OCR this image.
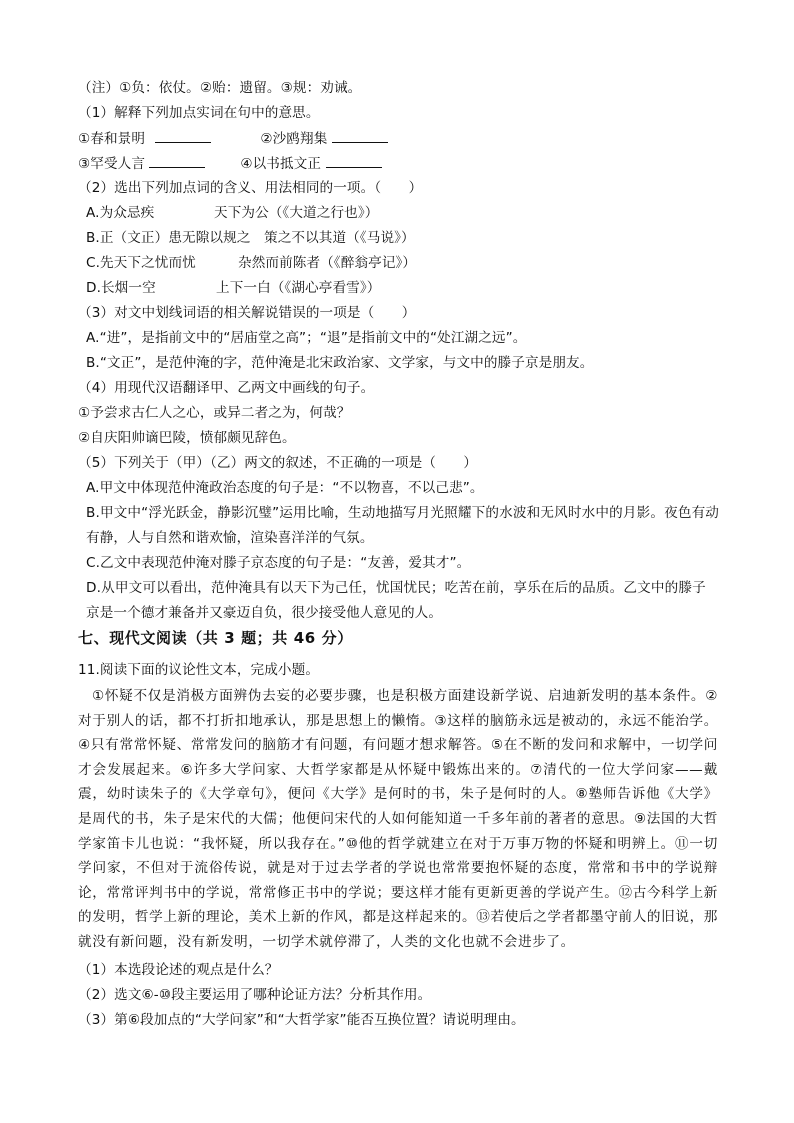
（注）①负：依仗。②贻：遗留。③规：劝诫。
（1）解释下列加点实词在句中的意思。
①春和景明	②沙鸥翔集
③罕受人言	④以书抵文正
（2）选出下列加点词的含义、用法相同的一项。（　　）
A.为众忌疾	天下为公（《大道之行也》）
B.正（文正）患无隙以规之 策之不以其道（《马说》）
C.先天下之忧而忧	杂然而前陈者（《醉翁亭记》）
D.长烟一空	上下一白（《湖心亭看雪》）
（3）对文中划线词语的相关解说错误的一项是（　　）
A.“进”，是指前文中的“居庙堂之高”；“退”是指前文中的“处江湖之远”。
B.“文正”，是范仲淹的字，范仲淹是北宋政治家、文学家，与文中的滕子京是朋友。
（4）用现代汉语翻译甲、乙两文中画线的句子。
①予尝求古仁人之心，或异二者之为，何哉？
②自庆阳帅谪巴陵，愤郁颇见辞色。
（5）下列关于（甲）（乙）两文的叙述，不正确的一项是（　　）
A.甲文中体现范仲淹政治态度的句子是：“不以物喜，不以己悲”。
B.甲文中“浮光跃金，静影沉璧”运用比喻，生动地描写月光照耀下的水波和无风时水中的月影。夜色有动
有静，人与自然和谐欢愉，渲染喜洋洋的气氛。
C.乙文中表现范仲淹对滕子京态度的句子是：“友善，爱其才”。
D.从甲文可以看出，范仲淹具有以天下为己任，忧国忧民；吃苦在前，享乐在后的品质。乙文中的滕子
京是一个德才兼备并又豪迈自负，很少接受他人意见的人。
七、现代文阅读（共 3 题；共 46 分）
11.阅读下面的议论性文本，完成小题。
①怀疑不仅是消极方面辨伪去妄的必要步骤，也是积极方面建设新学说、启迪新发明的基本条件。②对于别人的话，都不打折扣地承认，那是思想上的懒惰。③这样的脑筋永远是被动的，永远不能治学。④只有常常怀疑、常常发问的脑筋才有问题，有问题才想求解答。⑤在不断的发问和求解中，一切学问才会发展起来。⑥许多大学问家、大哲学家都是从怀疑中锻炼出来的。⑦清代的一位大学问家——戴震，幼时读朱子的《大学章句》，便问《大学》是何时的书，朱子是何时的人。⑧塾师告诉他《大学》是周代的书，朱子是宋代的大儒；他便问宋代的人如何能知道一千多年前的著者的意思。⑨法国的大哲学家笛卡儿也说：“我怀疑，所以我存在。”⑩他的哲学就建立在对于万事万物的怀疑和明辨上。⑪一切学问家，不但对于流俗传说，就是对于过去学者的学说也常常要抱怀疑的态度，常常和书中的学说辩论，常常评判书中的学说，常常修正书中的学说；要这样才能有更新更善的学说产生。⑫古今科学上新的发明，哲学上新的理论，美术上新的作风，都是这样起来的。⑬若使后之学者都墨守前人的旧说，那就没有新问题，没有新发明，一切学术就停滞了，人类的文化也就不会进步了。
（1）本选段论述的观点是什么？
（2）选文⑥-⑩段主要运用了哪种论证方法？分析其作用。
（3）第⑥段加点的“大学问家”和“大哲学家”能否互换位置？请说明理由。
